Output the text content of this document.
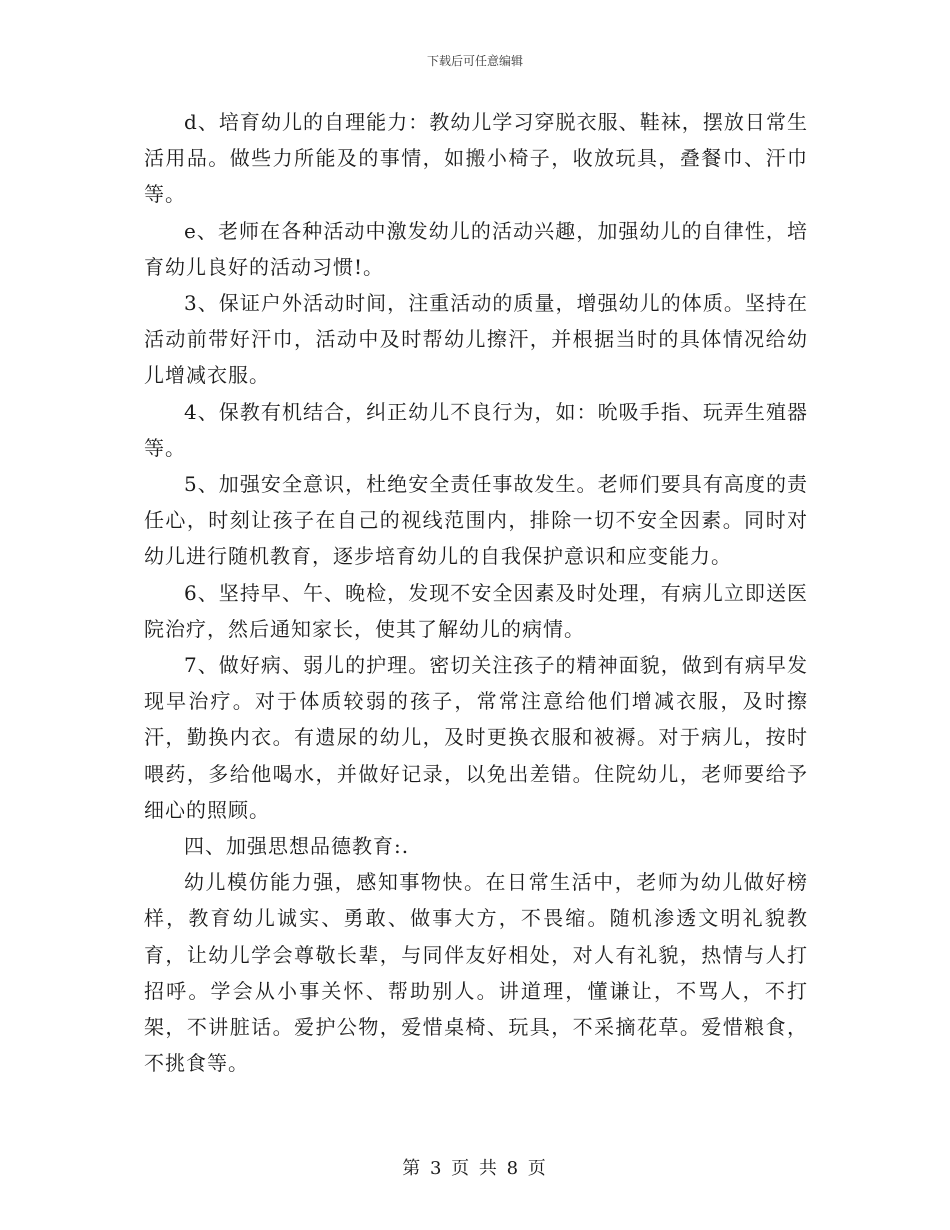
下载后可任意编辑

d、培育幼儿的自理能力：教幼儿学习穿脱衣服、鞋袜，摆放日常生活用品。做些力所能及的事情，如搬小椅子，收放玩具，叠餐巾、汗巾等。

e、老师在各种活动中激发幼儿的活动兴趣，加强幼儿的自律性，培育幼儿良好的活动习惯!。

3、保证户外活动时间，注重活动的质量，增强幼儿的体质。坚持在活动前带好汗巾，活动中及时帮幼儿擦汗，并根据当时的具体情况给幼儿增减衣服。

4、保教有机结合，纠正幼儿不良行为，如：吮吸手指、玩弄生殖器等。

5、加强安全意识，杜绝安全责任事故发生。老师们要具有高度的责任心，时刻让孩子在自己的视线范围内，排除一切不安全因素。同时对幼儿进行随机教育，逐步培育幼儿的自我保护意识和应变能力。

6、坚持早、午、晚检，发现不安全因素及时处理，有病儿立即送医院治疗，然后通知家长，使其了解幼儿的病情。

7、做好病、弱儿的护理。密切关注孩子的精神面貌，做到有病早发现早治疗。对于体质较弱的孩子，常常注意给他们增减衣服，及时擦汗，勤换内衣。有遗尿的幼儿，及时更换衣服和被褥。对于病儿，按时喂药，多给他喝水，并做好记录，以免出差错。住院幼儿，老师要给予细心的照顾。

四、加强思想品德教育:.

幼儿模仿能力强，感知事物快。在日常生活中，老师为幼儿做好榜样，教育幼儿诚实、勇敢、做事大方，不畏缩。随机渗透文明礼貌教育，让幼儿学会尊敬长辈，与同伴友好相处，对人有礼貌，热情与人打招呼。学会从小事关怀、帮助别人。讲道理，懂谦让，不骂人，不打架，不讲脏话。爱护公物，爱惜桌椅、玩具，不采摘花草。爱惜粮食，不挑食等。

第 3 页 共 8 页
